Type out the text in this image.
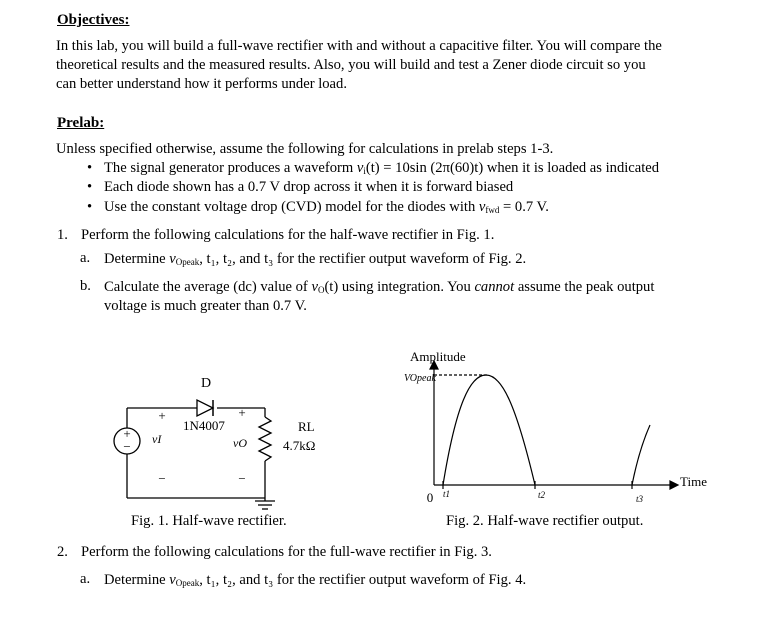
Objectives:
In this lab, you will build a full-wave rectifier with and without a capacitive filter. You will compare the
theoretical results and the measured results. Also, you will build and test a Zener diode circuit so you
can better understand how it performs under load.
Prelab:
Unless specified otherwise, assume the following for calculations in prelab steps 1-3.
• The signal generator produces a waveform $v_i(t) = 10\sin$ (2π(60)t) when it is loaded as indicated
• Each diode shown has a 0.7 V drop across it when it is forward biased
• Use the constant voltage drop (CVD) model for the diodes with $v_{fwd} = 0.7$ V.
1. Perform the following calculations for the half-wave rectifier in Fig. 1.
a. Determine $v_{Opeak}$, t₁, t₂, and t₃ for the rectifier output waveform of Fig. 2.
b. Calculate the average (dc) value of $v_O(t)$ using integration. You cannot assume the peak output
voltage is much greater than 0.7 V.
+
−
D
1N4007
+
vI
−
+
vO
−
RL
4.7kΩ
Fig. 1. Half-wave rectifier.
Amplitude
VOpeak
Time
0 t1	t2	t3
Fig. 2. Half-wave rectifier output.
2. Perform the following calculations for the full-wave rectifier in Fig. 3.
a. Determine $v_{Opeak}$, t₁, t₂, and t₃ for the rectifier output waveform of Fig. 4.
